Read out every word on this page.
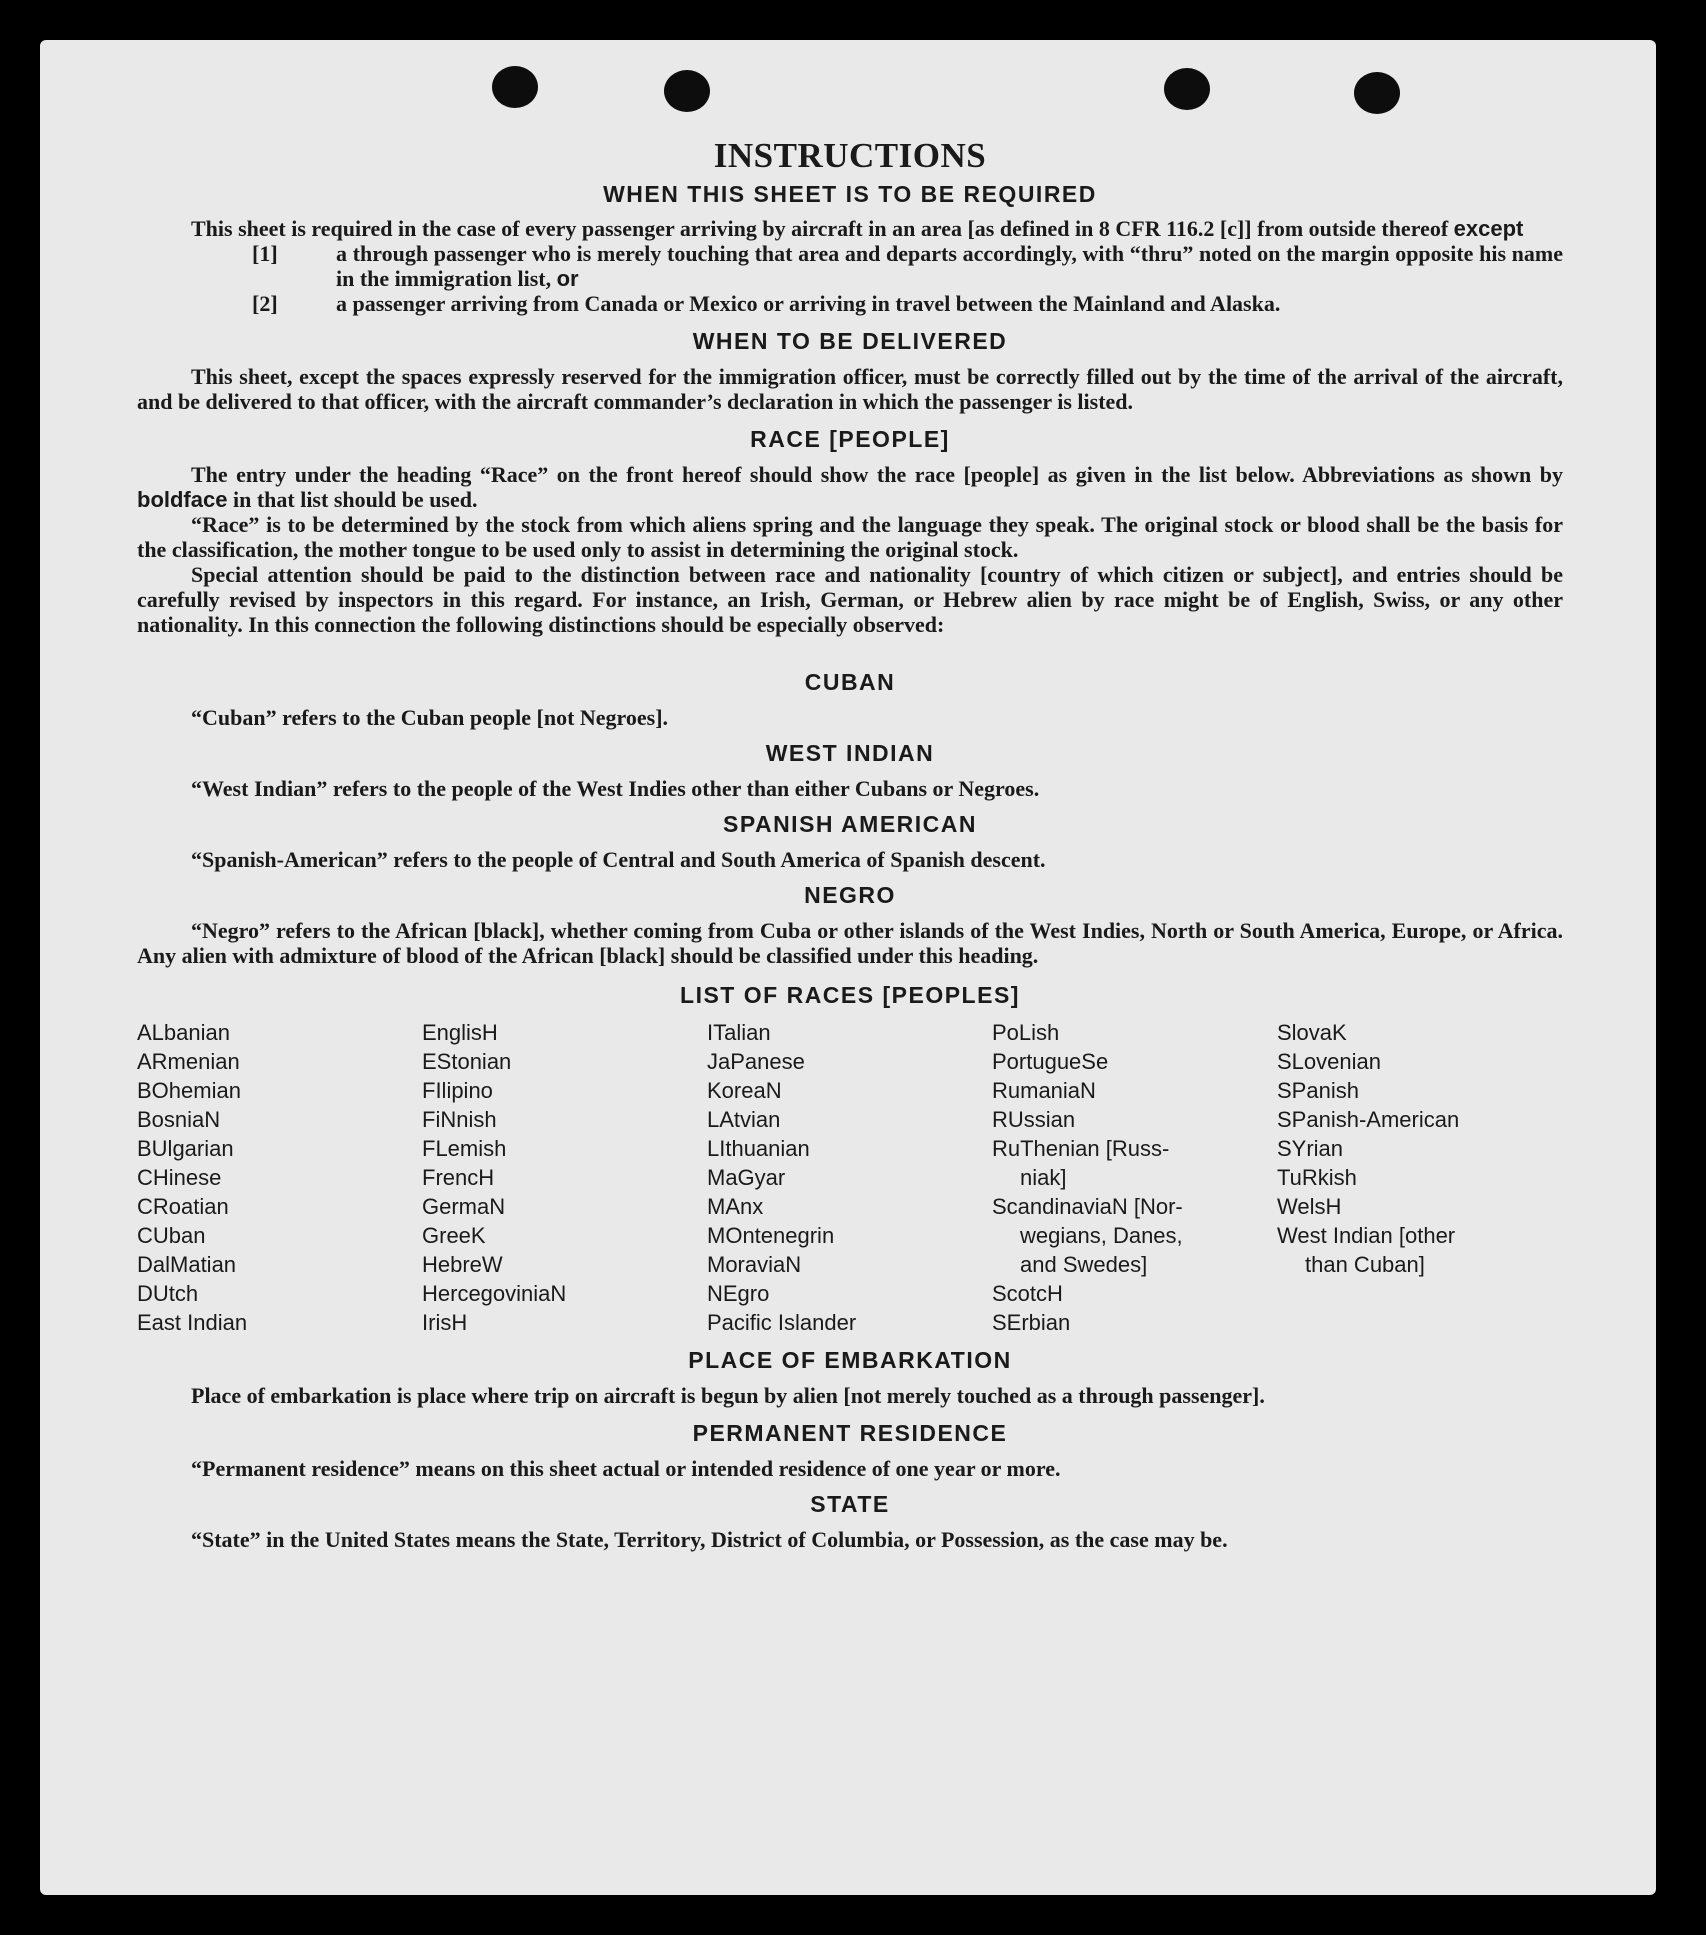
INSTRUCTIONS
WHEN THIS SHEET IS TO BE REQUIRED

This sheet is required in the case of every passenger arriving by aircraft in an area [as defined in 8 CFR 116.2 [c]] from outside thereof except

[1]	a through passenger who is merely touching that area and departs accordingly, with “thru” noted on the margin opposite his name in the immigration list, or
[2]	a passenger arriving from Canada or Mexico or arriving in travel between the Mainland and Alaska.
WHEN TO BE DELIVERED

This sheet, except the spaces expressly reserved for the immigration officer, must be correctly filled out by the time of the arrival of the aircraft, and be delivered to that officer, with the aircraft commander’s declaration in which the passenger is listed.

RACE [PEOPLE]

The entry under the heading “Race” on the front hereof should show the race [people] as given in the list below. Abbreviations as shown by boldface in that list should be used.

“Race” is to be determined by the stock from which aliens spring and the language they speak. The original stock or blood shall be the basis for the classification, the mother tongue to be used only to assist in determining the original stock.

Special attention should be paid to the distinction between race and nationality [country of which citizen or subject], and entries should be carefully revised by inspectors in this regard. For instance, an Irish, German, or Hebrew alien by race might be of English, Swiss, or any other nationality. In this connection the following distinctions should be especially observed:

CUBAN

“Cuban” refers to the Cuban people [not Negroes].

WEST INDIAN

“West Indian” refers to the people of the West Indies other than either Cubans or Negroes.

SPANISH AMERICAN

“Spanish-American” refers to the people of Central and South America of Spanish descent.

NEGRO

“Negro” refers to the African [black], whether coming from Cuba or other islands of the West Indies, North or South America, Europe, or Africa. Any alien with admixture of blood of the African [black] should be classified under this heading.

LIST OF RACES [PEOPLES]
ALbanian
ARmenian
BOhemian
BosniaN
BUlgarian
CHinese
CRoatian
CUban
DalMatian
DUtch
East Indian
EnglisH
EStonian
FIlipino
FiNnish
FLemish
FrencH
GermaN
GreeK
HebreW
HercegoviniaN
IrisH
ITalian
JaPanese
KoreaN
LAtvian
LIthuanian
MaGyar
MAnx
MOntenegrin
MoraviaN
NEgro
Pacific Islander
PoLish
PortugueSe
RumaniaN
RUssian
RuThenian [Russ-
niak]
ScandinaviaN [Nor-
wegians, Danes,
and Swedes]
ScotcH
SErbian
SlovaK
SLovenian
SPanish
SPanish-American
SYrian
TuRkish
WelsH
West Indian [other
than Cuban]
PLACE OF EMBARKATION

Place of embarkation is place where trip on aircraft is begun by alien [not merely touched as a through passenger].

PERMANENT RESIDENCE

“Permanent residence” means on this sheet actual or intended residence of one year or more.

STATE

“State” in the United States means the State, Territory, District of Columbia, or Possession, as the case may be.
